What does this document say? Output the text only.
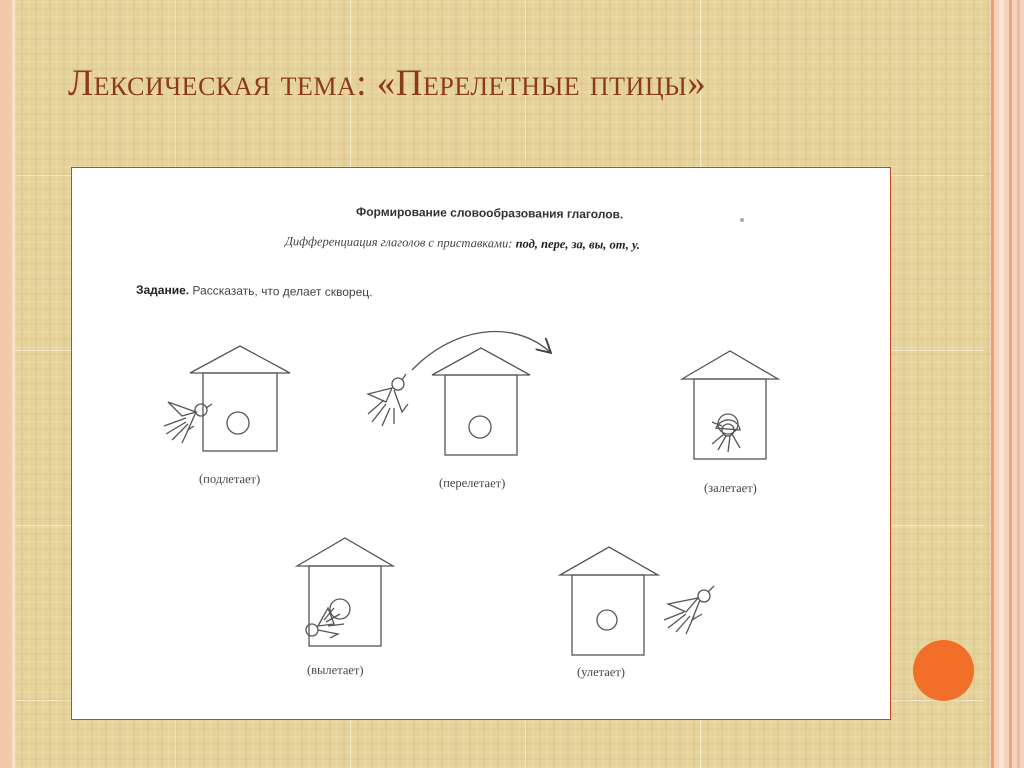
Лексическая тема: «Перелетные птицы»
Формирование словообразования глаголов.
Дифференциация глаголов с приставками: под, пере, за, вы, от, у.
Задание. Рассказать, что делает скворец.
(подлетает)	(перелетает)	(залетает)
(вылетает)	(улетает)
